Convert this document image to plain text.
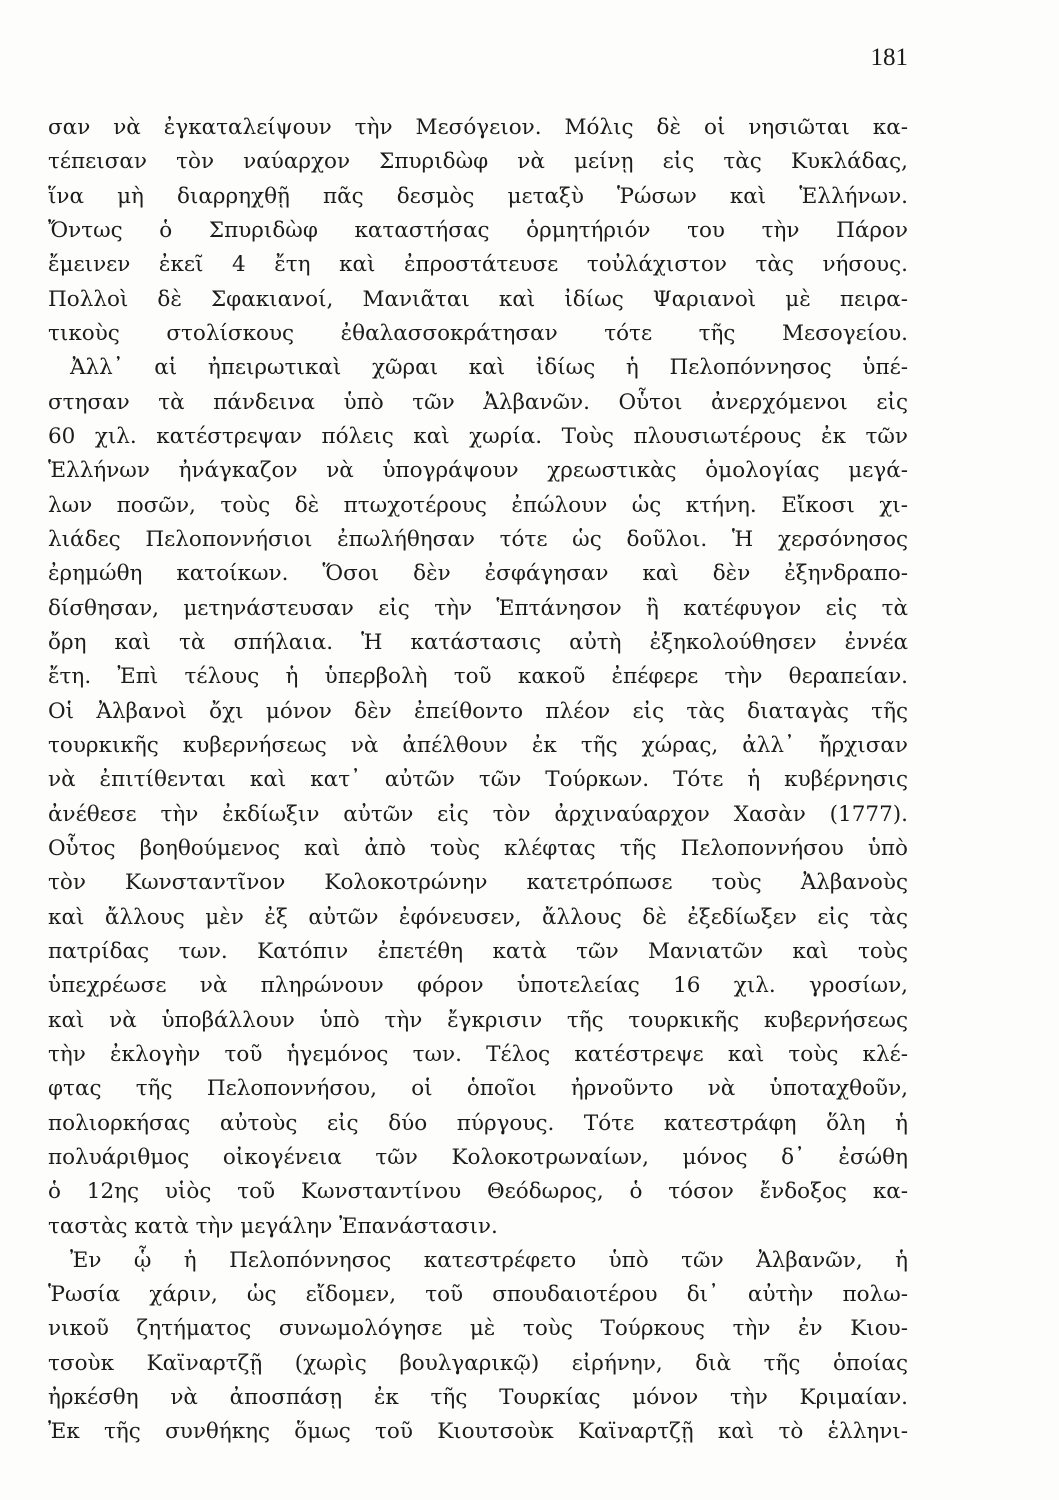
181
σαν νὰ ἐγκαταλείψουν τὴν Μεσόγειον. Μόλις δὲ οἱ νησιῶται κα-
τέπεισαν τὸν ναύαρχον Σπυριδὼφ νὰ μείνῃ εἰς τὰς Κυκλάδας,
ἵνα μὴ διαρρηχθῇ πᾶς δεσμὸς μεταξὺ Ῥώσων καὶ Ἑλλήνων.
Ὄντως ὁ Σπυριδὼφ καταστήσας ὁρμητήριόν του τὴν Πάρον
ἔμεινεν ἐκεῖ 4 ἔτη καὶ ἐπροστάτευσε τοὐλάχιστον τὰς νήσους.
Πολλοὶ δὲ Σφακιανοί, Μανιᾶται καὶ ἰδίως Ψαριανοὶ μὲ πειρα-
τικοὺς στολίσκους ἐθαλασσοκράτησαν τότε τῆς Μεσογείου.
Ἀλλ᾽ αἱ ἠπειρωτικαὶ χῶραι καὶ ἰδίως ἡ Πελοπόννησος ὑπέ-
στησαν τὰ πάνδεινα ὑπὸ τῶν Ἀλβανῶν. Οὗτοι ἀνερχόμενοι εἰς
60 χιλ. κατέστρεψαν πόλεις καὶ χωρία. Τοὺς πλουσιωτέρους ἐκ τῶν
Ἑλλήνων ἠνάγκαζον νὰ ὑπογράψουν χρεωστικὰς ὁμολογίας μεγά-
λων ποσῶν, τοὺς δὲ πτωχοτέρους ἐπώλουν ὡς κτήνη. Εἴκοσι χι-
λιάδες Πελοποννήσιοι ἐπωλήθησαν τότε ὡς δοῦλοι. Ἡ χερσόνησος
ἐρημώθη κατοίκων. Ὅσοι δὲν ἐσφάγησαν καὶ δὲν ἐξηνδραπο-
δίσθησαν, μετηνάστευσαν εἰς τὴν Ἑπτάνησον ἢ κατέφυγον εἰς τὰ
ὄρη καὶ τὰ σπήλαια. Ἡ κατάστασις αὐτὴ ἐξηκολούθησεν ἐννέα
ἔτη. Ἐπὶ τέλους ἡ ὑπερβολὴ τοῦ κακοῦ ἐπέφερε τὴν θεραπείαν.
Οἱ Ἀλβανοὶ ὄχι μόνον δὲν ἐπείθοντο πλέον εἰς τὰς διαταγὰς τῆς
τουρκικῆς κυβερνήσεως νὰ ἀπέλθουν ἐκ τῆς χώρας, ἀλλ᾽ ἤρχισαν
νὰ ἐπιτίθενται καὶ κατ᾽ αὐτῶν τῶν Τούρκων. Τότε ἡ κυβέρνησις
ἀνέθεσε τὴν ἐκδίωξιν αὐτῶν εἰς τὸν ἀρχιναύαρχον Χασὰν (1777).
Οὗτος βοηθούμενος καὶ ἀπὸ τοὺς κλέφτας τῆς Πελοποννήσου ὑπὸ
τὸν Κωνσταντῖνον Κολοκοτρώνην κατετρόπωσε τοὺς Ἀλβανοὺς
καὶ ἄλλους μὲν ἐξ αὐτῶν ἐφόνευσεν, ἄλλους δὲ ἐξεδίωξεν εἰς τὰς
πατρίδας των. Κατόπιν ἐπετέθη κατὰ τῶν Μανιατῶν καὶ τοὺς
ὑπεχρέωσε νὰ πληρώνουν φόρον ὑποτελείας 16 χιλ. γροσίων,
καὶ νὰ ὑποβάλλουν ὑπὸ τὴν ἔγκρισιν τῆς τουρκικῆς κυβερνήσεως
τὴν ἐκλογὴν τοῦ ἡγεμόνος των. Τέλος κατέστρεψε καὶ τοὺς κλέ-
φτας τῆς Πελοποννήσου, οἱ ὁποῖοι ἠρνοῦντο νὰ ὑποταχθοῦν,
πολιορκήσας αὐτοὺς εἰς δύο πύργους. Τότε κατεστράφη ὅλη ἡ
πολυάριθμος οἰκογένεια τῶν Κολοκοτρωναίων, μόνος δ᾽ ἐσώθη
ὁ 12ης υἱὸς τοῦ Κωνσταντίνου Θεόδωρος, ὁ τόσον ἔνδοξος κα-
ταστὰς κατὰ τὴν μεγάλην Ἐπανάστασιν.
Ἐν ᾧ ἡ Πελοπόννησος κατεστρέφετο ὑπὸ τῶν Ἀλβανῶν, ἡ
Ῥωσία χάριν, ὡς εἴδομεν, τοῦ σπουδαιοτέρου δι᾽ αὐτὴν πολω-
νικοῦ ζητήματος συνωμολόγησε μὲ τοὺς Τούρκους τὴν ἐν Κιου-
τσοὺκ Καϊναρτζῇ (χωρὶς βουλγαρικῷ) εἰρήνην, διὰ τῆς ὁποίας
ἠρκέσθη νὰ ἀποσπάσῃ ἐκ τῆς Τουρκίας μόνον τὴν Κριμαίαν.
Ἐκ τῆς συνθήκης ὅμως τοῦ Κιουτσοὺκ Καϊναρτζῇ καὶ τὸ ἑλληνι-
